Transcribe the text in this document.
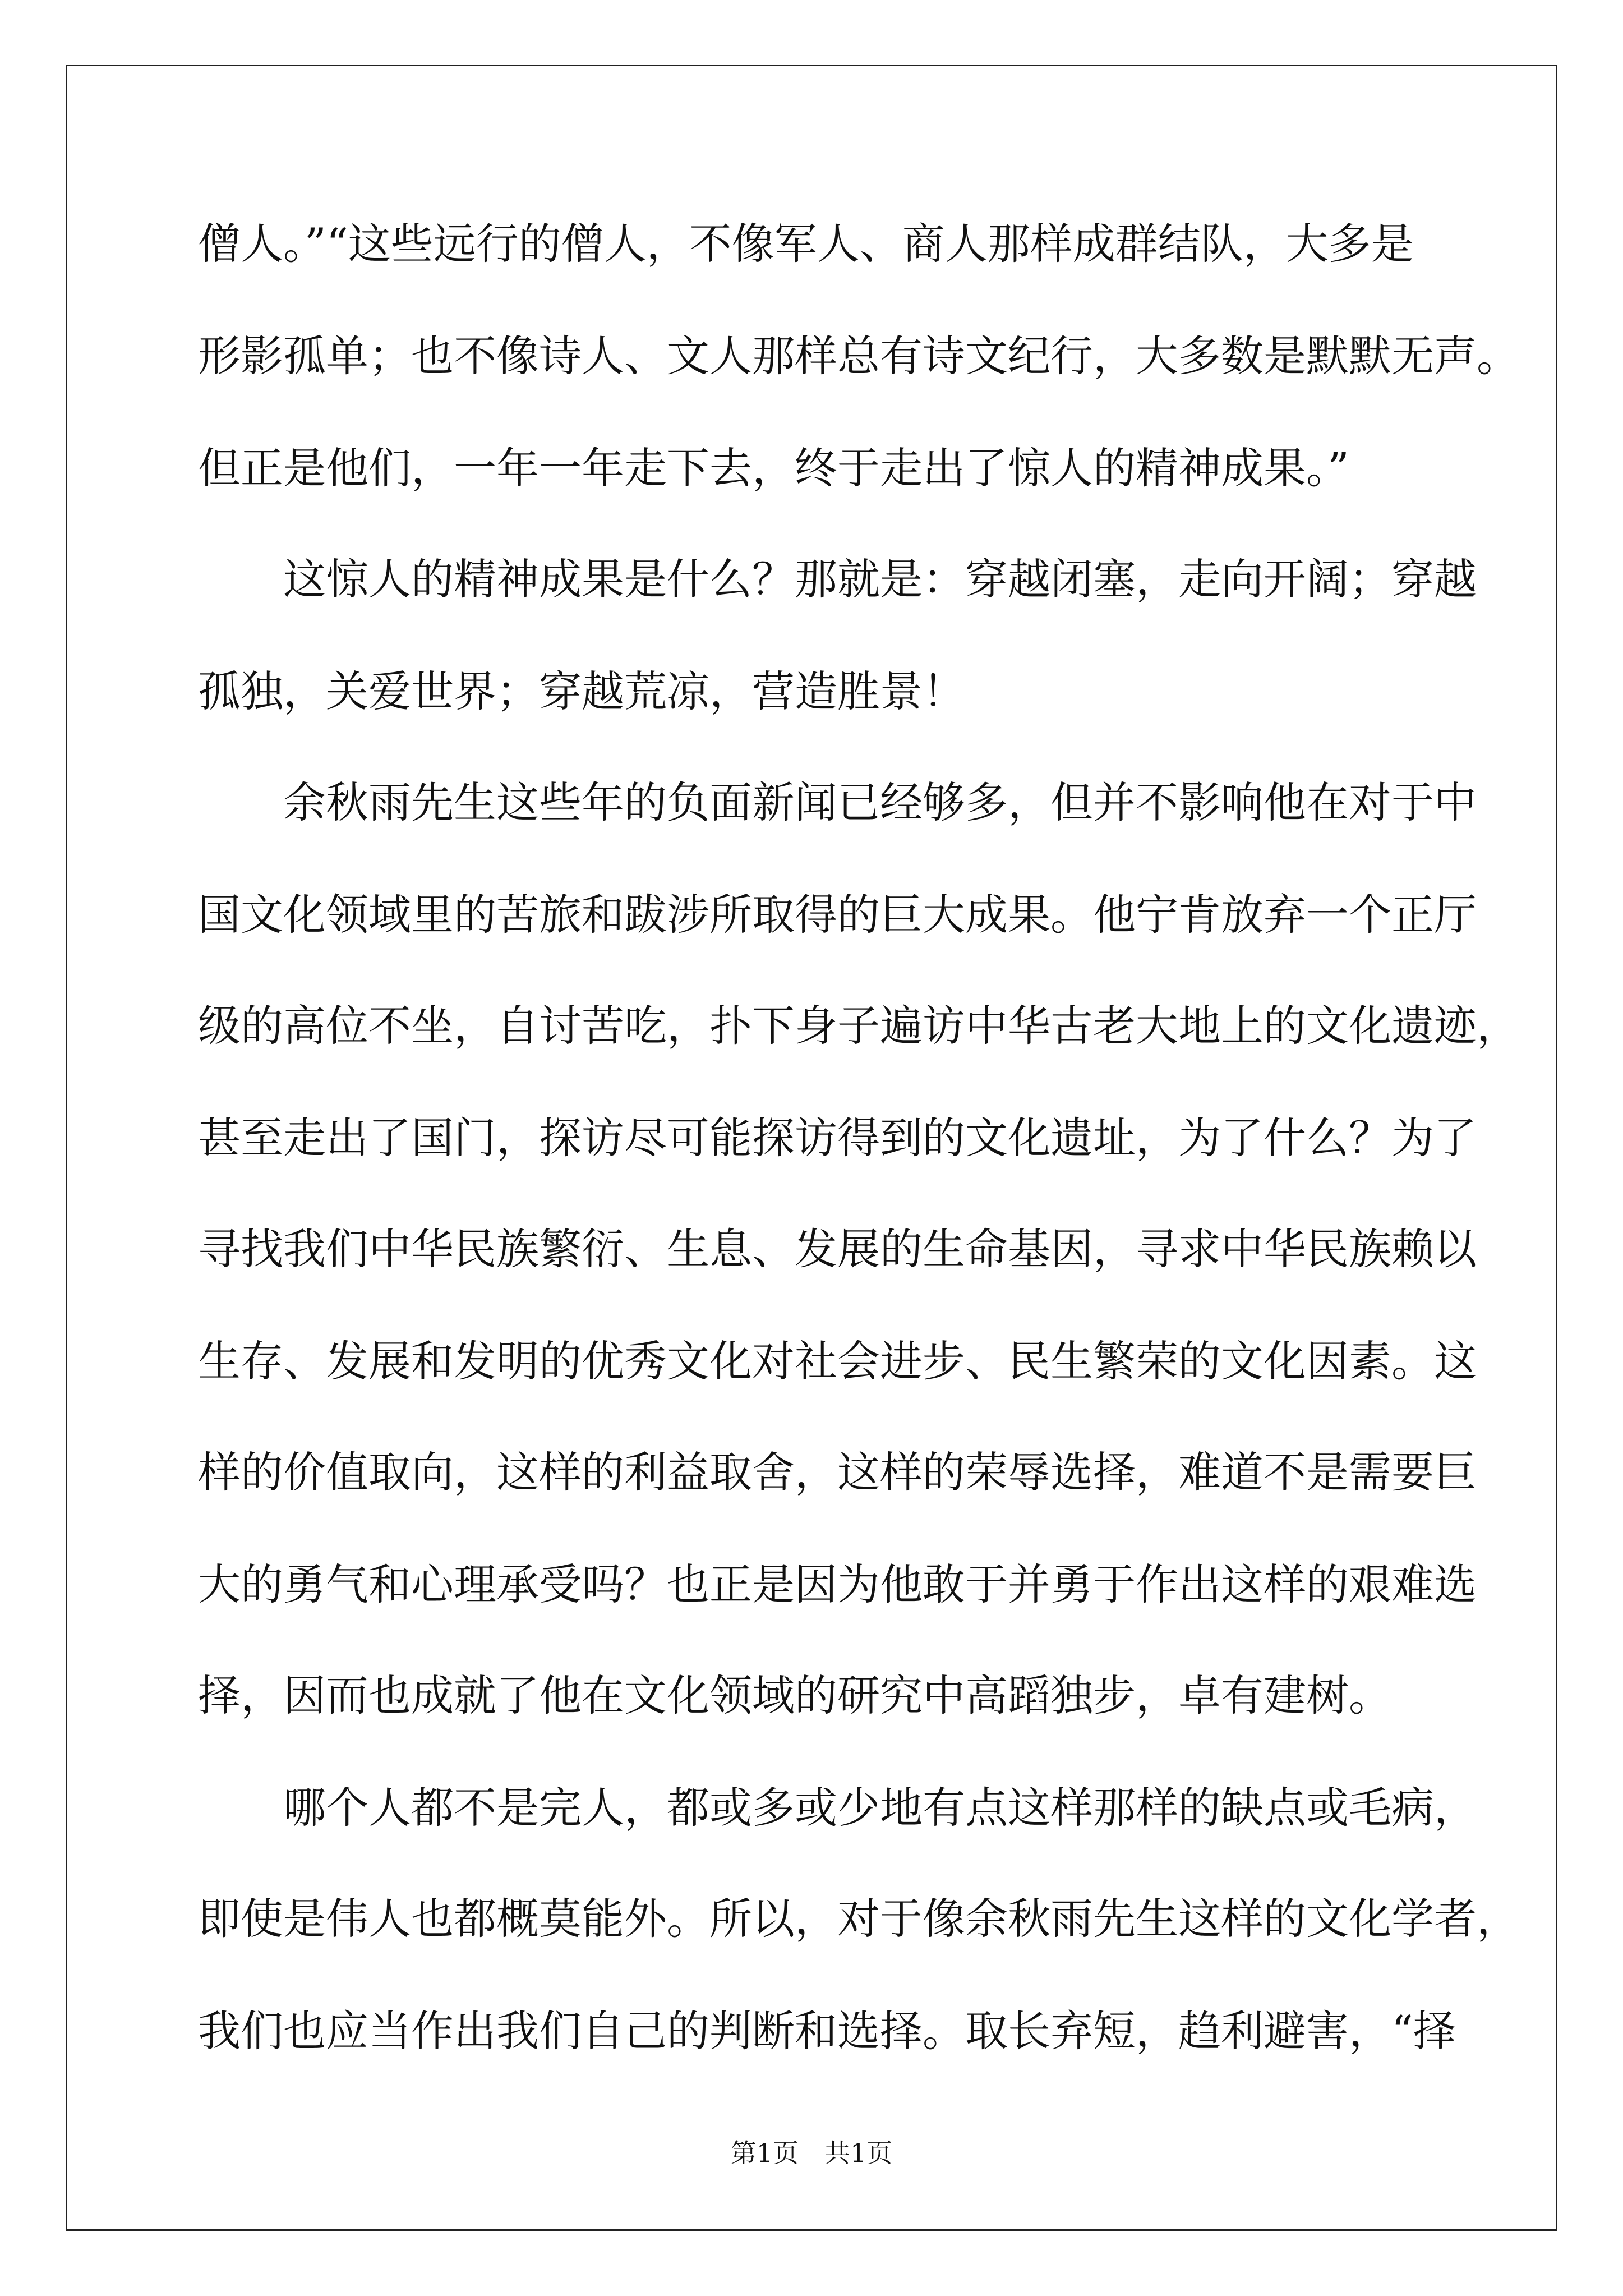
僧人。”“这些远行的僧人，不像军人、商人那样成群结队，大多是
形影孤单；也不像诗人、文人那样总有诗文纪行，大多数是默默无声。
但正是他们，一年一年走下去，终于走出了惊人的精神成果。”
　　这惊人的精神成果是什么？那就是：穿越闭塞，走向开阔；穿越
孤独，关爱世界；穿越荒凉，营造胜景！
　　余秋雨先生这些年的负面新闻已经够多，但并不影响他在对于中
国文化领域里的苦旅和跋涉所取得的巨大成果。他宁肯放弃一个正厅
级的高位不坐，自讨苦吃，扑下身子遍访中华古老大地上的文化遗迹，
甚至走出了国门，探访尽可能探访得到的文化遗址，为了什么？为了
寻找我们中华民族繁衍、生息、发展的生命基因，寻求中华民族赖以
生存、发展和发明的优秀文化对社会进步、民生繁荣的文化因素。这
样的价值取向，这样的利益取舍，这样的荣辱选择，难道不是需要巨
大的勇气和心理承受吗？也正是因为他敢于并勇于作出这样的艰难选
择，因而也成就了他在文化领域的研究中高蹈独步，卓有建树。
　　哪个人都不是完人，都或多或少地有点这样那样的缺点或毛病，
即使是伟人也都概莫能外。所以，对于像余秋雨先生这样的文化学者，
我们也应当作出我们自己的判断和选择。取长弃短，趋利避害，“择
第1页　共1页
